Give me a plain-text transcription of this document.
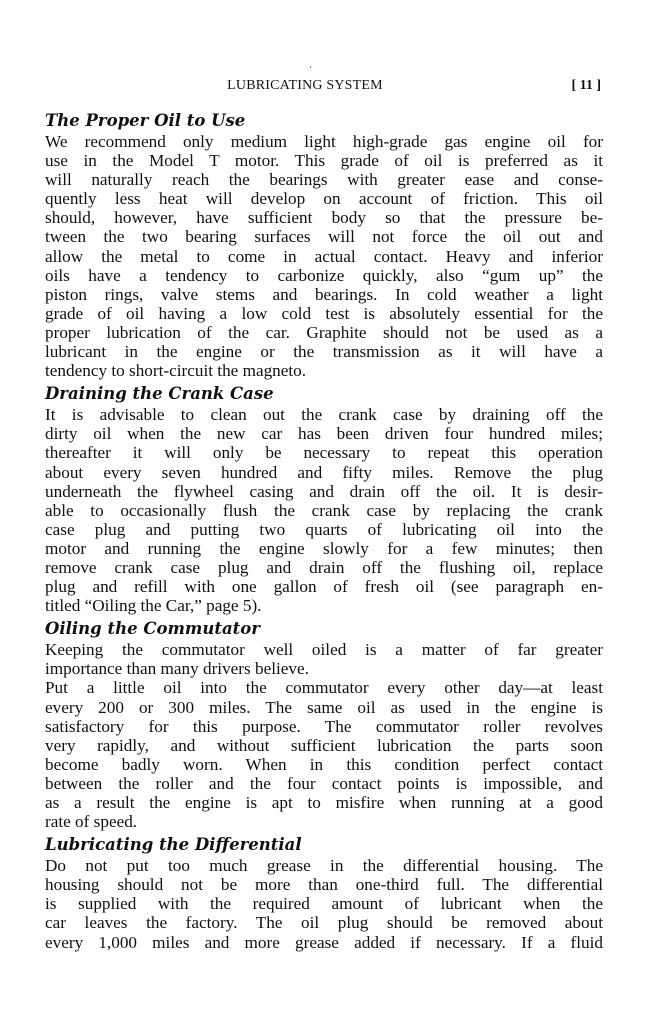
LUBRICATING SYSTEM	[ 11 ]
The Proper Oil to Use
We recommend only medium light high-grade gas engine oil for
use in the Model T motor. This grade of oil is preferred as it
will naturally reach the bearings with greater ease and conse-
quently less heat will develop on account of friction. This oil
should, however, have sufficient body so that the pressure be-
tween the two bearing surfaces will not force the oil out and
allow the metal to come in actual contact. Heavy and inferior
oils have a tendency to carbonize quickly, also “gum up” the
piston rings, valve stems and bearings. In cold weather a light
grade of oil having a low cold test is absolutely essential for the
proper lubrication of the car. Graphite should not be used as a
lubricant in the engine or the transmission as it will have a
tendency to short-circuit the magneto.
Draining the Crank Case
It is advisable to clean out the crank case by draining off the
dirty oil when the new car has been driven four hundred miles;
thereafter it will only be necessary to repeat this operation
about every seven hundred and fifty miles. Remove the plug
underneath the flywheel casing and drain off the oil. It is desir-
able to occasionally flush the crank case by replacing the crank
case plug and putting two quarts of lubricating oil into the
motor and running the engine slowly for a few minutes; then
remove crank case plug and drain off the flushing oil, replace
plug and refill with one gallon of fresh oil (see paragraph en-
titled “Oiling the Car,” page 5).
Oiling the Commutator
Keeping the commutator well oiled is a matter of far greater
importance than many drivers believe.
Put a little oil into the commutator every other day—at least
every 200 or 300 miles. The same oil as used in the engine is
satisfactory for this purpose. The commutator roller revolves
very rapidly, and without sufficient lubrication the parts soon
become badly worn. When in this condition perfect contact
between the roller and the four contact points is impossible, and
as a result the engine is apt to misfire when running at a good
rate of speed.
Lubricating the Differential
Do not put too much grease in the differential housing. The
housing should not be more than one-third full. The differential
is supplied with the required amount of lubricant when the
car leaves the factory. The oil plug should be removed about
every 1,000 miles and more grease added if necessary. If a fluid
